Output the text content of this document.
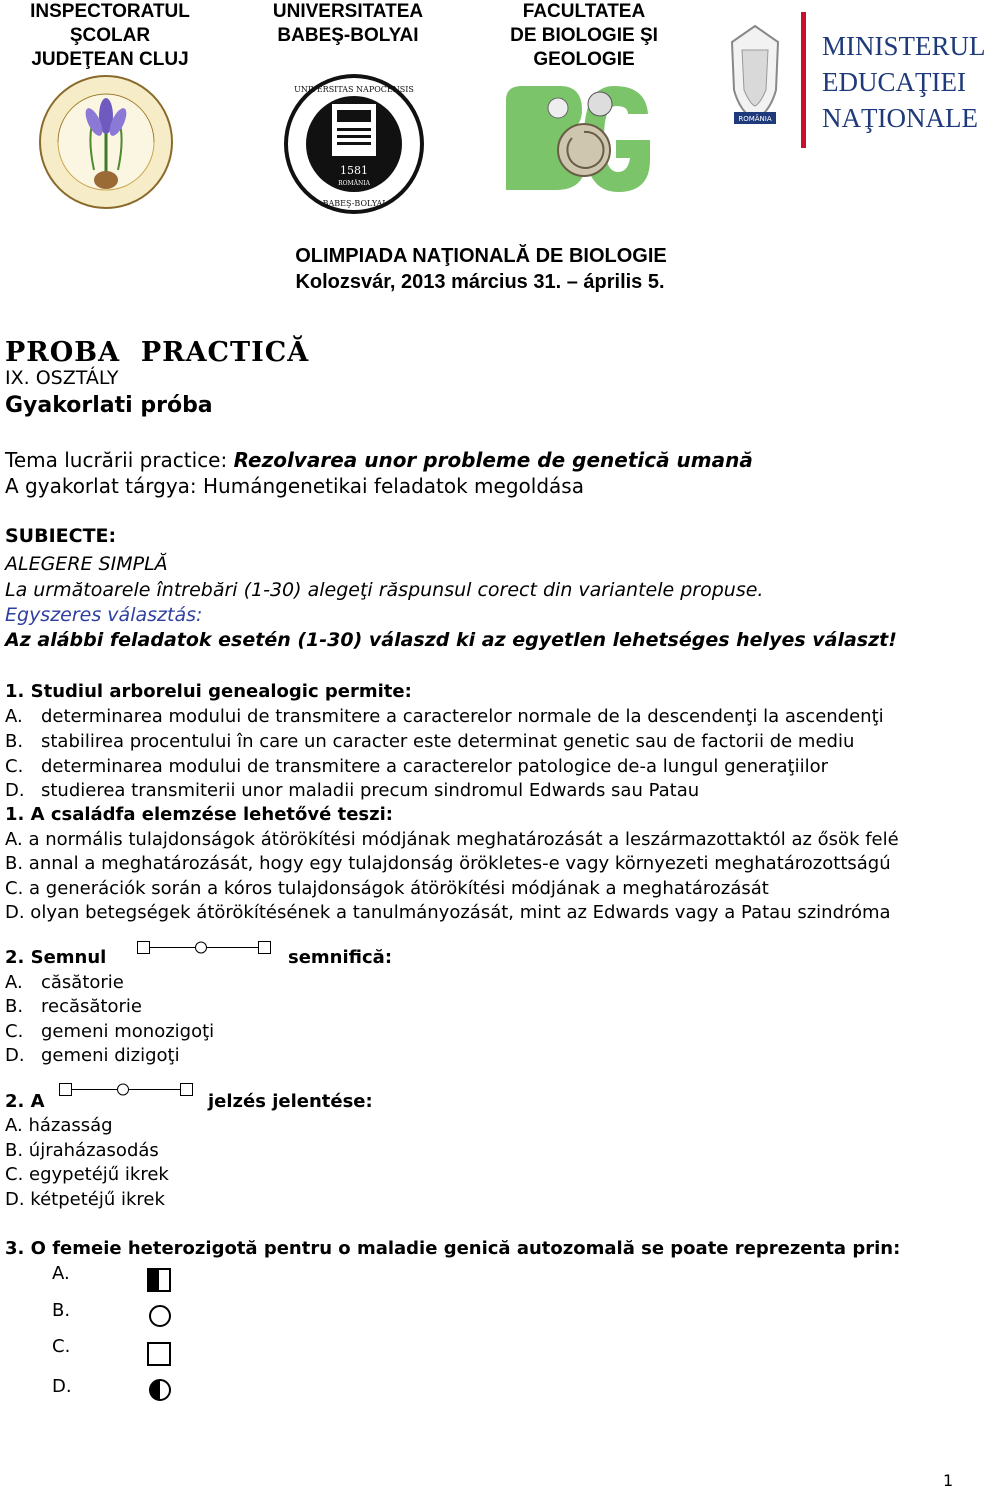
INSPECTORATUL
ŞCOLAR
JUDEŢEAN CLUJ
UNIVERSITATEA
BABEŞ-BOLYAI
FACULTATEA
DE BIOLOGIE ŞI
GEOLOGIE
1581
ROMÂNIA
UNIVERSITAS NAPOCENSIS
BABEŞ-BOLYAI
BG
ROMÂNIA
MINISTERUL
EDUCAŢIEI
NAŢIONALE
OLIMPIADA NAŢIONALĂ DE BIOLOGIE
Kolozsvár, 2013 március 31. – április 5.
PROBA  PRACTICĂ
IX. OSZTÁLY
Gyakorlati próba
Tema lucrării practice: Rezolvarea unor probleme de genetică umană
A gyakorlat tárgya: Humángenetikai feladatok megoldása
SUBIECTE:
ALEGERE SIMPLĂ
La următoarele întrebări (1-30) alegeţi răspunsul corect din variantele propuse.
Egyszeres választás:
Az alábbi feladatok esetén (1-30) válaszd ki az egyetlen lehetséges helyes választ!
1. Studiul arborelui genealogic permite:
A. determinarea modului de transmitere a caracterelor normale de la descendenţi la ascendenţi
B. stabilirea procentului în care un caracter este determinat genetic sau de factorii de mediu
C. determinarea modului de transmitere a caracterelor patologice de-a lungul generaţiilor
D. studierea transmiterii unor maladii precum sindromul Edwards sau Patau
1. A családfa elemzése lehetővé teszi:
A. a normális tulajdonságok átörökítési módjának meghatározását a leszármazottaktól az ősök felé
B. annal a meghatározását, hogy egy tulajdonság örökletes-e vagy környezeti meghatározottságú
C. a generációk során a kóros tulajdonságok átörökítési módjának a meghatározását
D. olyan betegségek átörökítésének a tanulmányozását, mint az Edwards vagy a Patau szindróma
2. Semnul	semnifică:
A. căsătorie
B. recăsătorie
C. gemeni monozigoţi
D. gemeni dizigoţi
2. A	jelzés jelentése:
A. házasság
B. újraházasodás
C. egypetéjű ikrek
D. kétpetéjű ikrek
3. O femeie heterozigotă pentru o maladie genică autozomală se poate reprezenta prin:
A.
B.
C.
D.
1
